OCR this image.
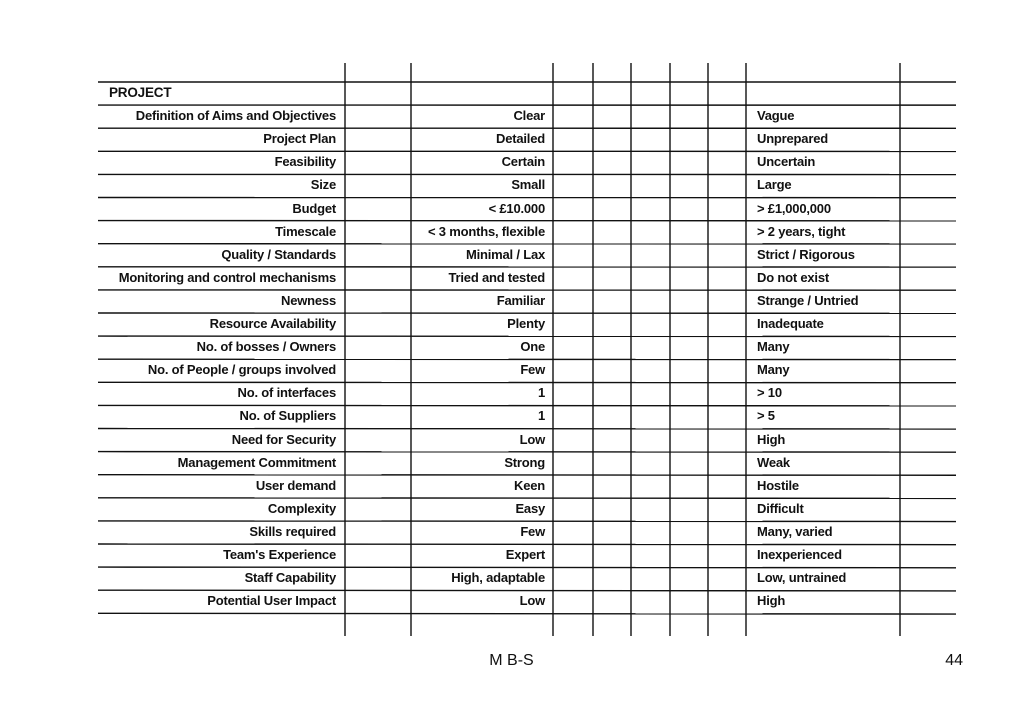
PROJECT
Definition of Aims and Objectives	Clear	Vague
Project Plan	Detailed	Unprepared
Feasibility	Certain	Uncertain
Size	Small	Large
Budget	< £10.000	> £1,000,000
Timescale	< 3 months, flexible	> 2 years, tight
Quality / Standards	Minimal / Lax	Strict / Rigorous
Monitoring and control mechanisms	Tried and tested	Do not exist
Newness	Familiar	Strange / Untried
Resource Availability	Plenty	Inadequate
No. of bosses / Owners	One	Many
No. of People / groups involved	Few	Many
No. of interfaces	1	> 10
No. of Suppliers	1	> 5
Need for Security	Low	High
Management Commitment	Strong	Weak
User demand	Keen	Hostile
Complexity	Easy	Difficult
Skills required	Few	Many, varied
Team's Experience	Expert	Inexperienced
Staff Capability	High, adaptable	Low, untrained
Potential User Impact	Low	High
M B-S	44
